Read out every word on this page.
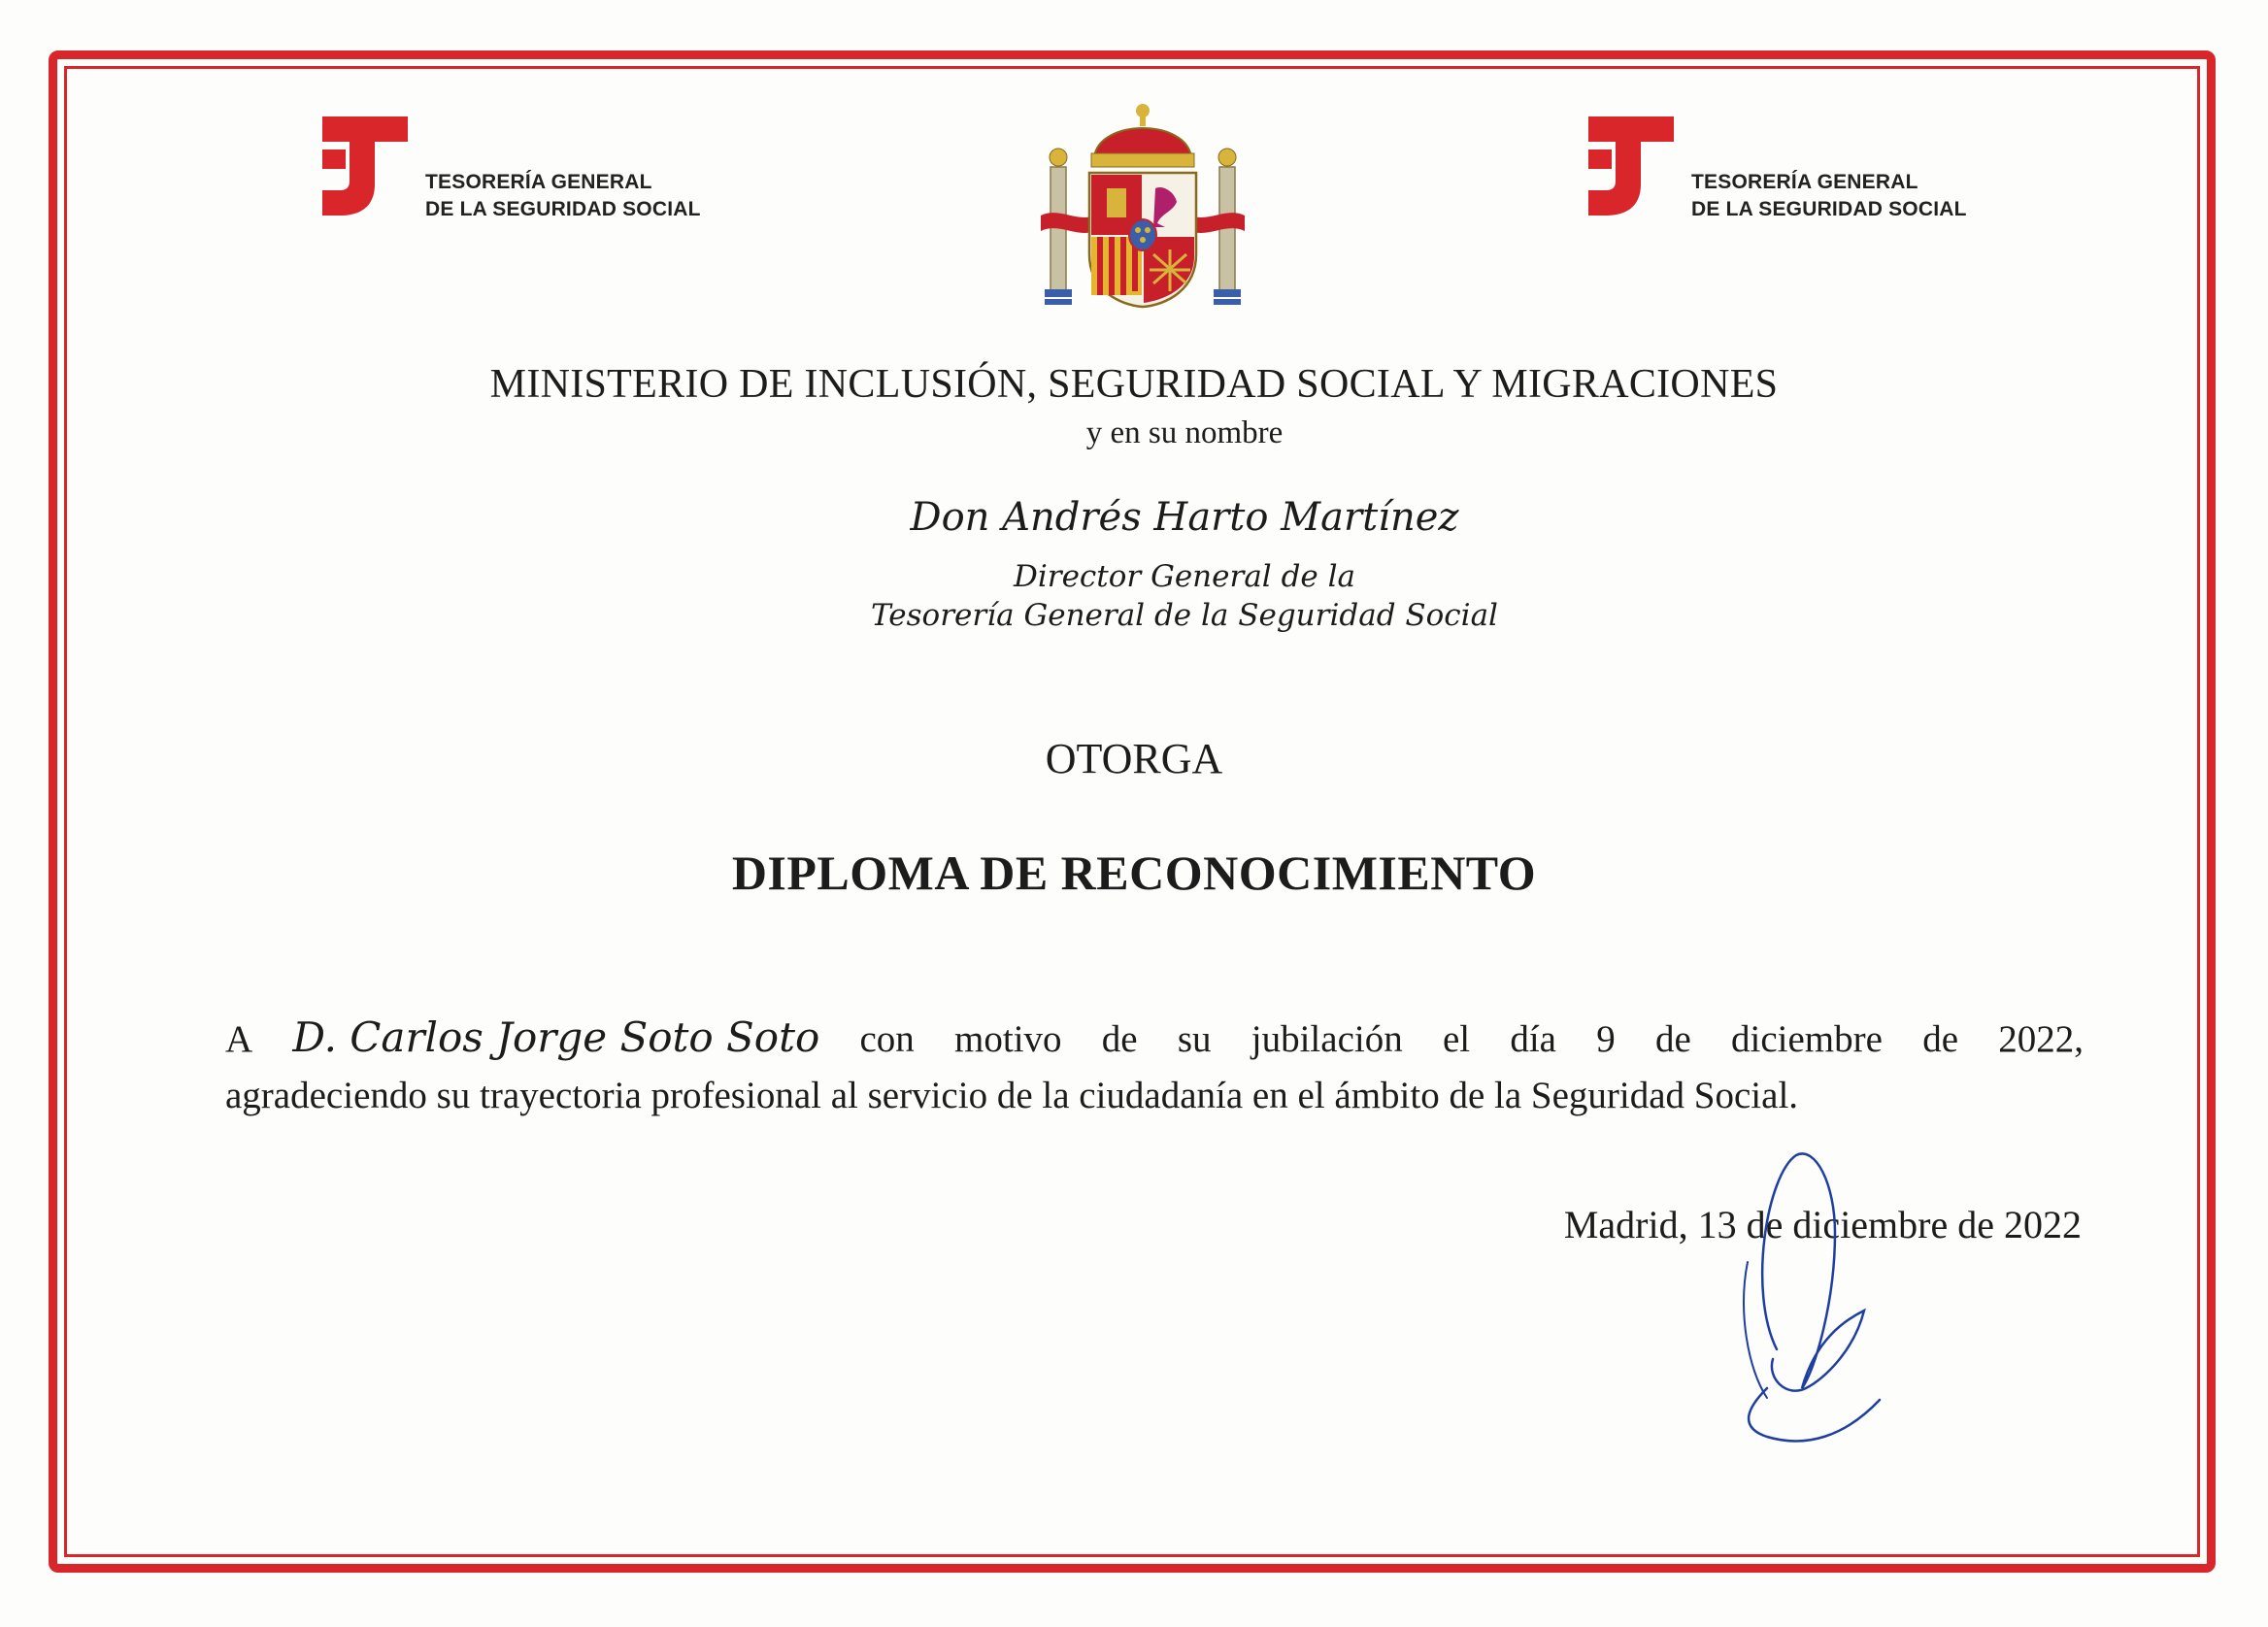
TESORERÍA GENERAL
DE LA SEGURIDAD SOCIAL
TESORERÍA GENERAL
DE LA SEGURIDAD SOCIAL
MINISTERIO DE INCLUSIÓN, SEGURIDAD SOCIAL Y MIGRACIONES
y en su nombre
Don Andrés Harto Martínez
Director General de la
Tesorería General de la Seguridad Social
OTORGA
DIPLOMA DE RECONOCIMIENTO
A D. Carlos Jorge Soto Soto con motivo de su jubilación el día 9 de diciembre de 2022,
agradeciendo su trayectoria profesional al servicio de la ciudadanía en el ámbito de la Seguridad Social.
Madrid, 13 de diciembre de 2022
